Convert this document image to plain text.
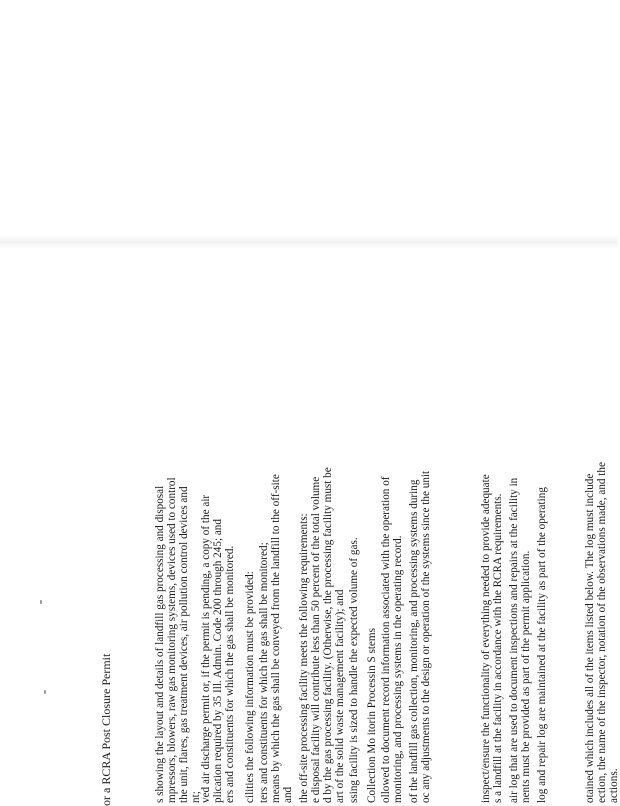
or a RCRA Post Closure Permit	s showing the layout and details of landfill gas processing and disposal mpressors, blowers, raw gas monitoring systems, devices used to control the unit, flares, gas treatment devices, air pollution control devices and nt;
ved air discharge permit or, if the permit is pending, a copy of the air plication required by 35 Ill. Admin. Code 200 through 245; and ers and constituents for which the gas shall be monitored. cilities the following information must be provided: ters and constituents for which the gas shall be monitored; means by which the gas shall be conveyed from the landfill to the off-site and the off-site processing facility meets the following requirements: e disposal facility will contribute less than 50 percent of the total volume d by the gas processing facility. (Otherwise, the processing facility must be art of the solid waste management facility); and ssing facility is sized to handle the expected volume of gas. Collection Mo itorin Processin S stems ollowed to document record information associated with the operation of monitoring, and processing systems in the operating record. of the landfill gas collection, monitoring, and processing systems during oc any adjustments to the design or operation of the systems since the unit	inspect/ensure the functionality of everything needed to provide adequate s a landfill at the facility in accordance with the RCRA requirements. air log that are used to document inspections and repairs at the facility in nents must be provided as part of the permit application. log and repair log are maintained at the facility as part of the operating	otained which includes all of the items listed below. The log must include ection, the name of the inspector, notation of the observations made, and the actions.
